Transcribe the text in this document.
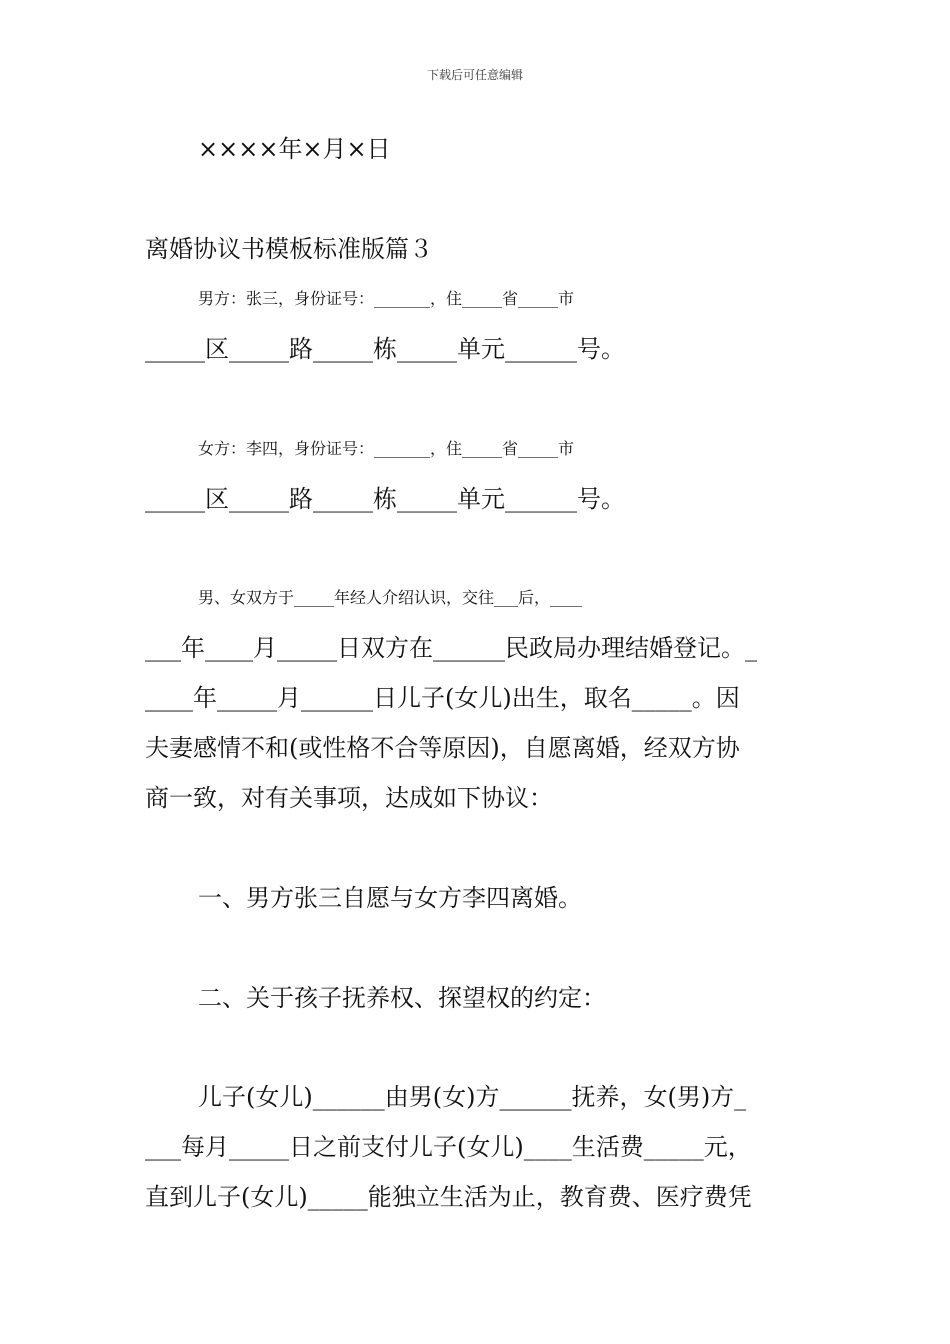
下载后可任意编辑
××××年×月×日
离婚协议书模板标准版篇３
男方：张三，身份证号：_______，住_____省_____市
_____区_____路_____栋_____单元______号。
女方：李四，身份证号：_______，住_____省_____市
_____区_____路_____栋_____单元______号。
男、女双方于_____年经人介绍认识，交往___后，____
___年____月_____日双方在______民政局办理结婚登记。_
____年_____月______日儿子(女儿)出生，取名_____。因
夫妻感情不和(或性格不合等原因)，自愿离婚，经双方协
商一致，对有关事项，达成如下协议：
一、男方张三自愿与女方李四离婚。
二、关于孩子抚养权、探望权的约定：
儿子(女儿)______由男(女)方______抚养，女(男)方_
___每月_____日之前支付儿子(女儿)____生活费_____元，
直到儿子(女儿)_____能独立生活为止，教育费、医疗费凭
